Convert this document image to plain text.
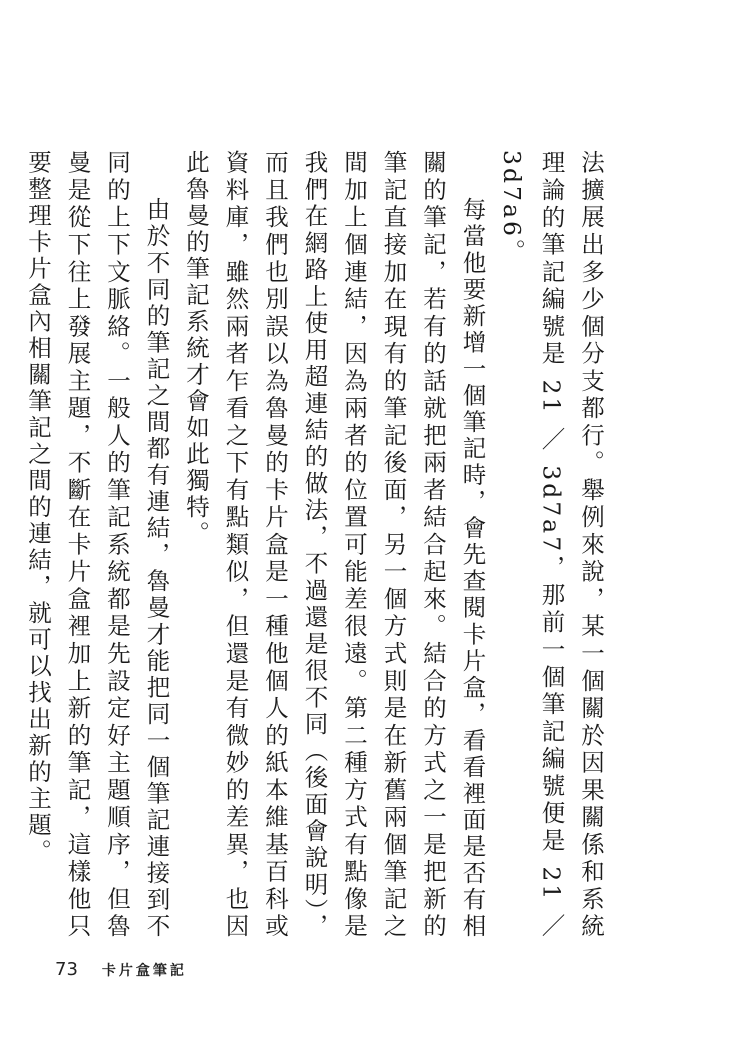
法擴展出多少個分支都行。舉例來說，某一個關於因果關係和系統理論的筆記編號是 21 ／ 3d7a7，那前一個筆記編號便是 21 ／ 3d7a6。

每當他要新增一個筆記時，會先查閱卡片盒，看看裡面是否有相關的筆記，若有的話就把兩者結合起來。結合的方式之一是把新的筆記直接加在現有的筆記後面，另一個方式則是在新舊兩個筆記之間加上個連結，因為兩者的位置可能差很遠。第二種方式有點像是我們在網路上使用超連結的做法，不過還是很不同（後面會說明），而且我們也別誤以為魯曼的卡片盒是一種他個人的紙本維基百科或資料庫，雖然兩者乍看之下有點類似，但還是有微妙的差異，也因此魯曼的筆記系統才會如此獨特。

由於不同的筆記之間都有連結，魯曼才能把同一個筆記連接到不同的上下文脈絡。一般人的筆記系統都是先設定好主題順序，但魯曼是從下往上發展主題，不斷在卡片盒裡加上新的筆記，這樣他只要整理卡片盒內相關筆記之間的連結，就可以找出新的主題。

73 卡片盒筆記
